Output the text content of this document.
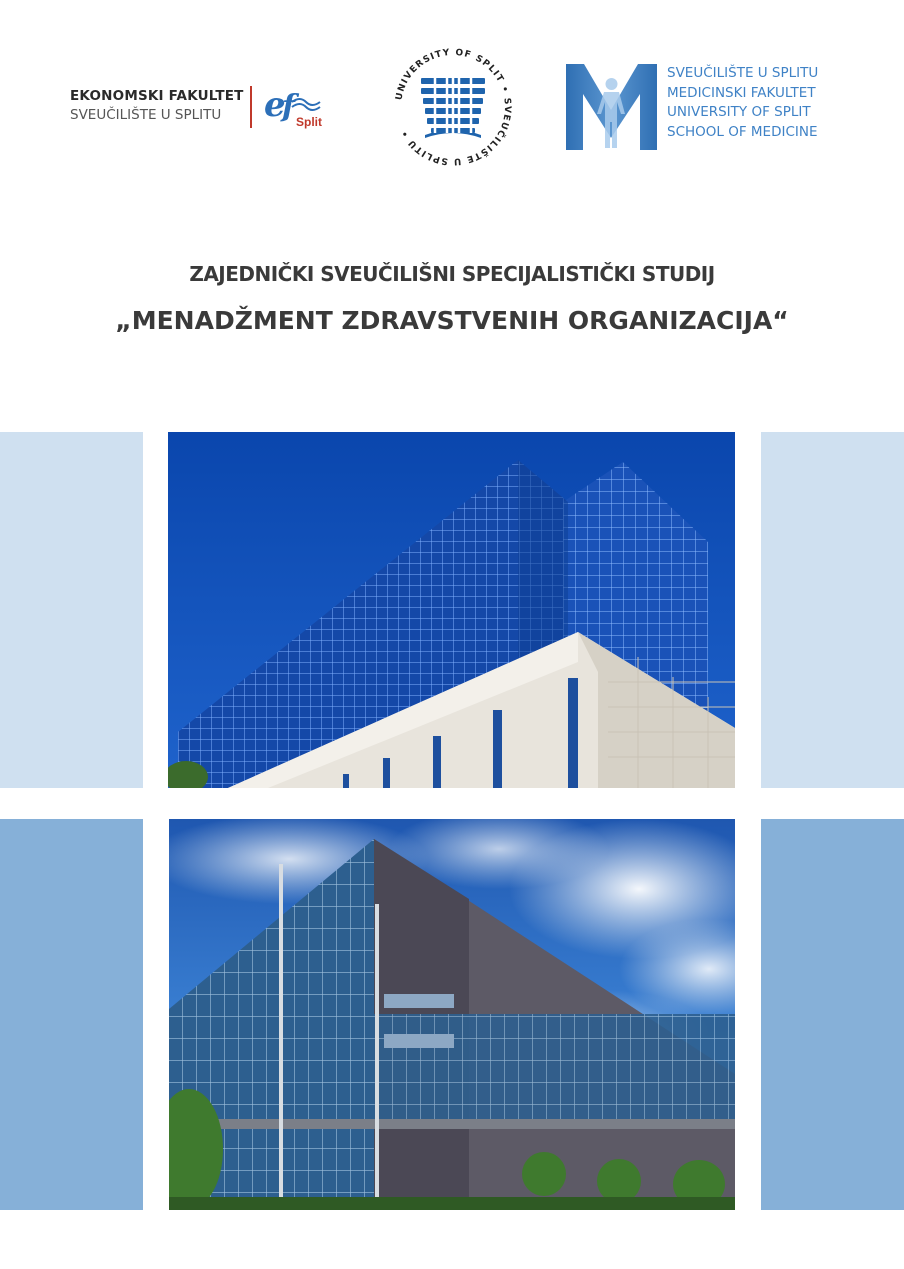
EKONOMSKI FAKULTET
SVEUČILIŠTE U SPLITU	e
f Split
UNIVERSITY OF SPLIT • SVEUČILIŠTE U SPLITU •
SVEUČILIŠTE U SPLITU
MEDICINSKI FAKULTET
UNIVERSITY OF SPLIT
SCHOOL OF MEDICINE
ZAJEDNIČKI SVEUČILIŠNI SPECIJALISTIČKI STUDIJ
„MENADŽMENT ZDRAVSTVENIH ORGANIZACIJA“
